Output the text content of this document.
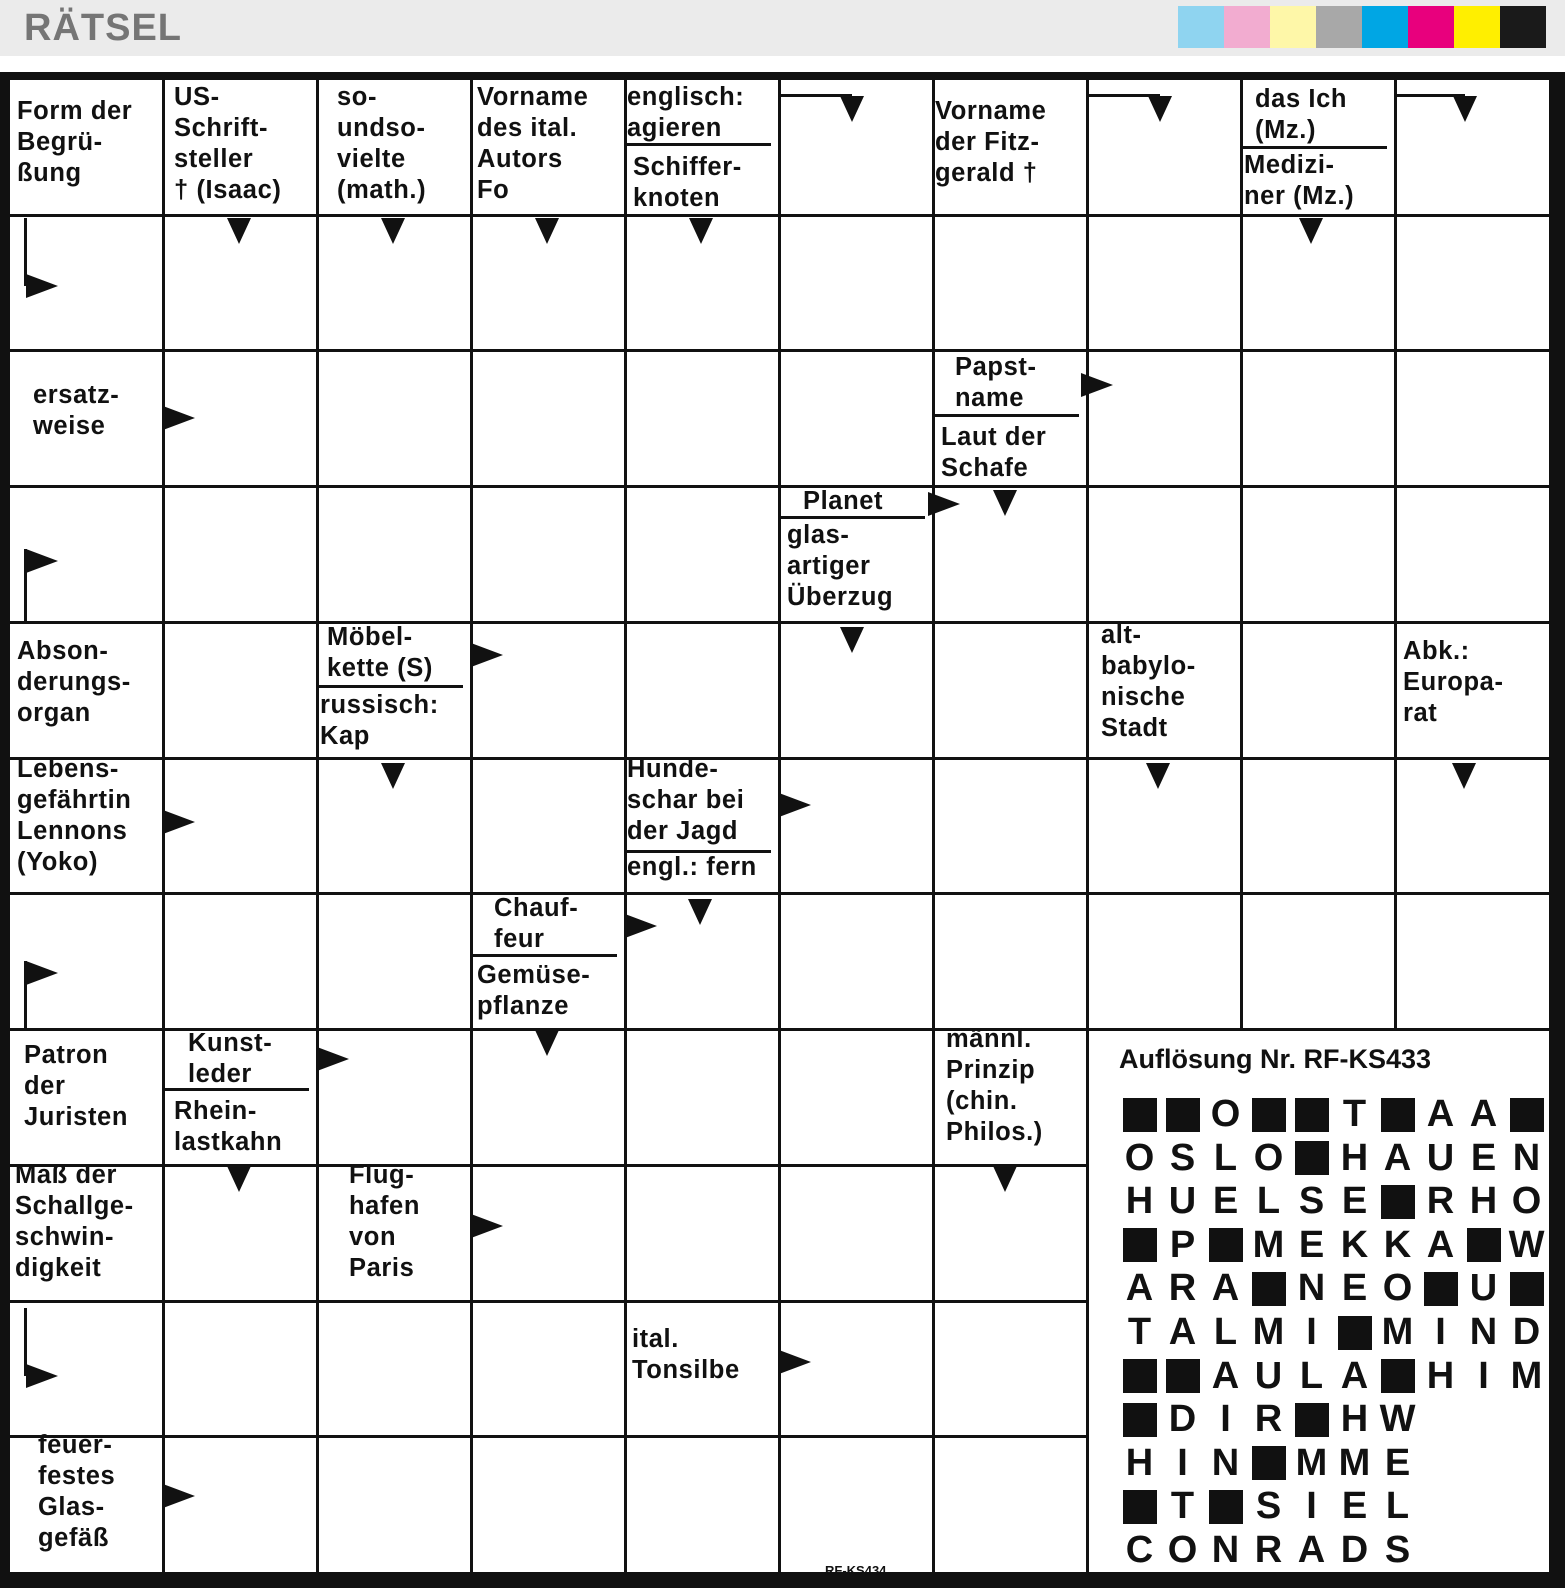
RÄTSEL
Form der
Begrü-
ßung
US-
Schrift-
steller
† (Isaac)
so-
undso-
vielte
(math.)
Vorname
des ital.
Autors
Fo
englisch:
agieren
Schiffer-
knoten
Vorname
der Fitz-
gerald †
das Ich
(Mz.)
Medizi-
ner (Mz.)
ersatz-
weise
Papst-
name
Laut der
Schafe
Planet
glas-
artiger
Überzug
Abson-
derungs-
organ
Möbel-
kette (S)
russisch:
Kap
alt-
babylo-
nische
Stadt
Abk.:
Europa-
rat
Lebens-
gefährtin
Lennons
(Yoko)
Hunde-
schar bei
der Jagd
engl.: fern
Chauf-
feur
Gemüse-
pflanze
Patron
der
Juristen
Kunst-
leder
Rhein-
lastkahn
männl.
Prinzip
(chin.
Philos.)
Maß der
Schallge-
schwin-
digkeit
Flug-
hafen
von
Paris
ital.
Tonsilbe
feuer-
festes
Glas-
gefäß
RF-KS434
Auflösung Nr. RF-KS433
O	T A A
O S L O H A U E N
H U E L S E R H O
P M E K K A W
A R A N E O U
T A L M I	M I N D
A U L A H I M
D I R H W
H I N M M E
T S I E L
C O N R A D S
